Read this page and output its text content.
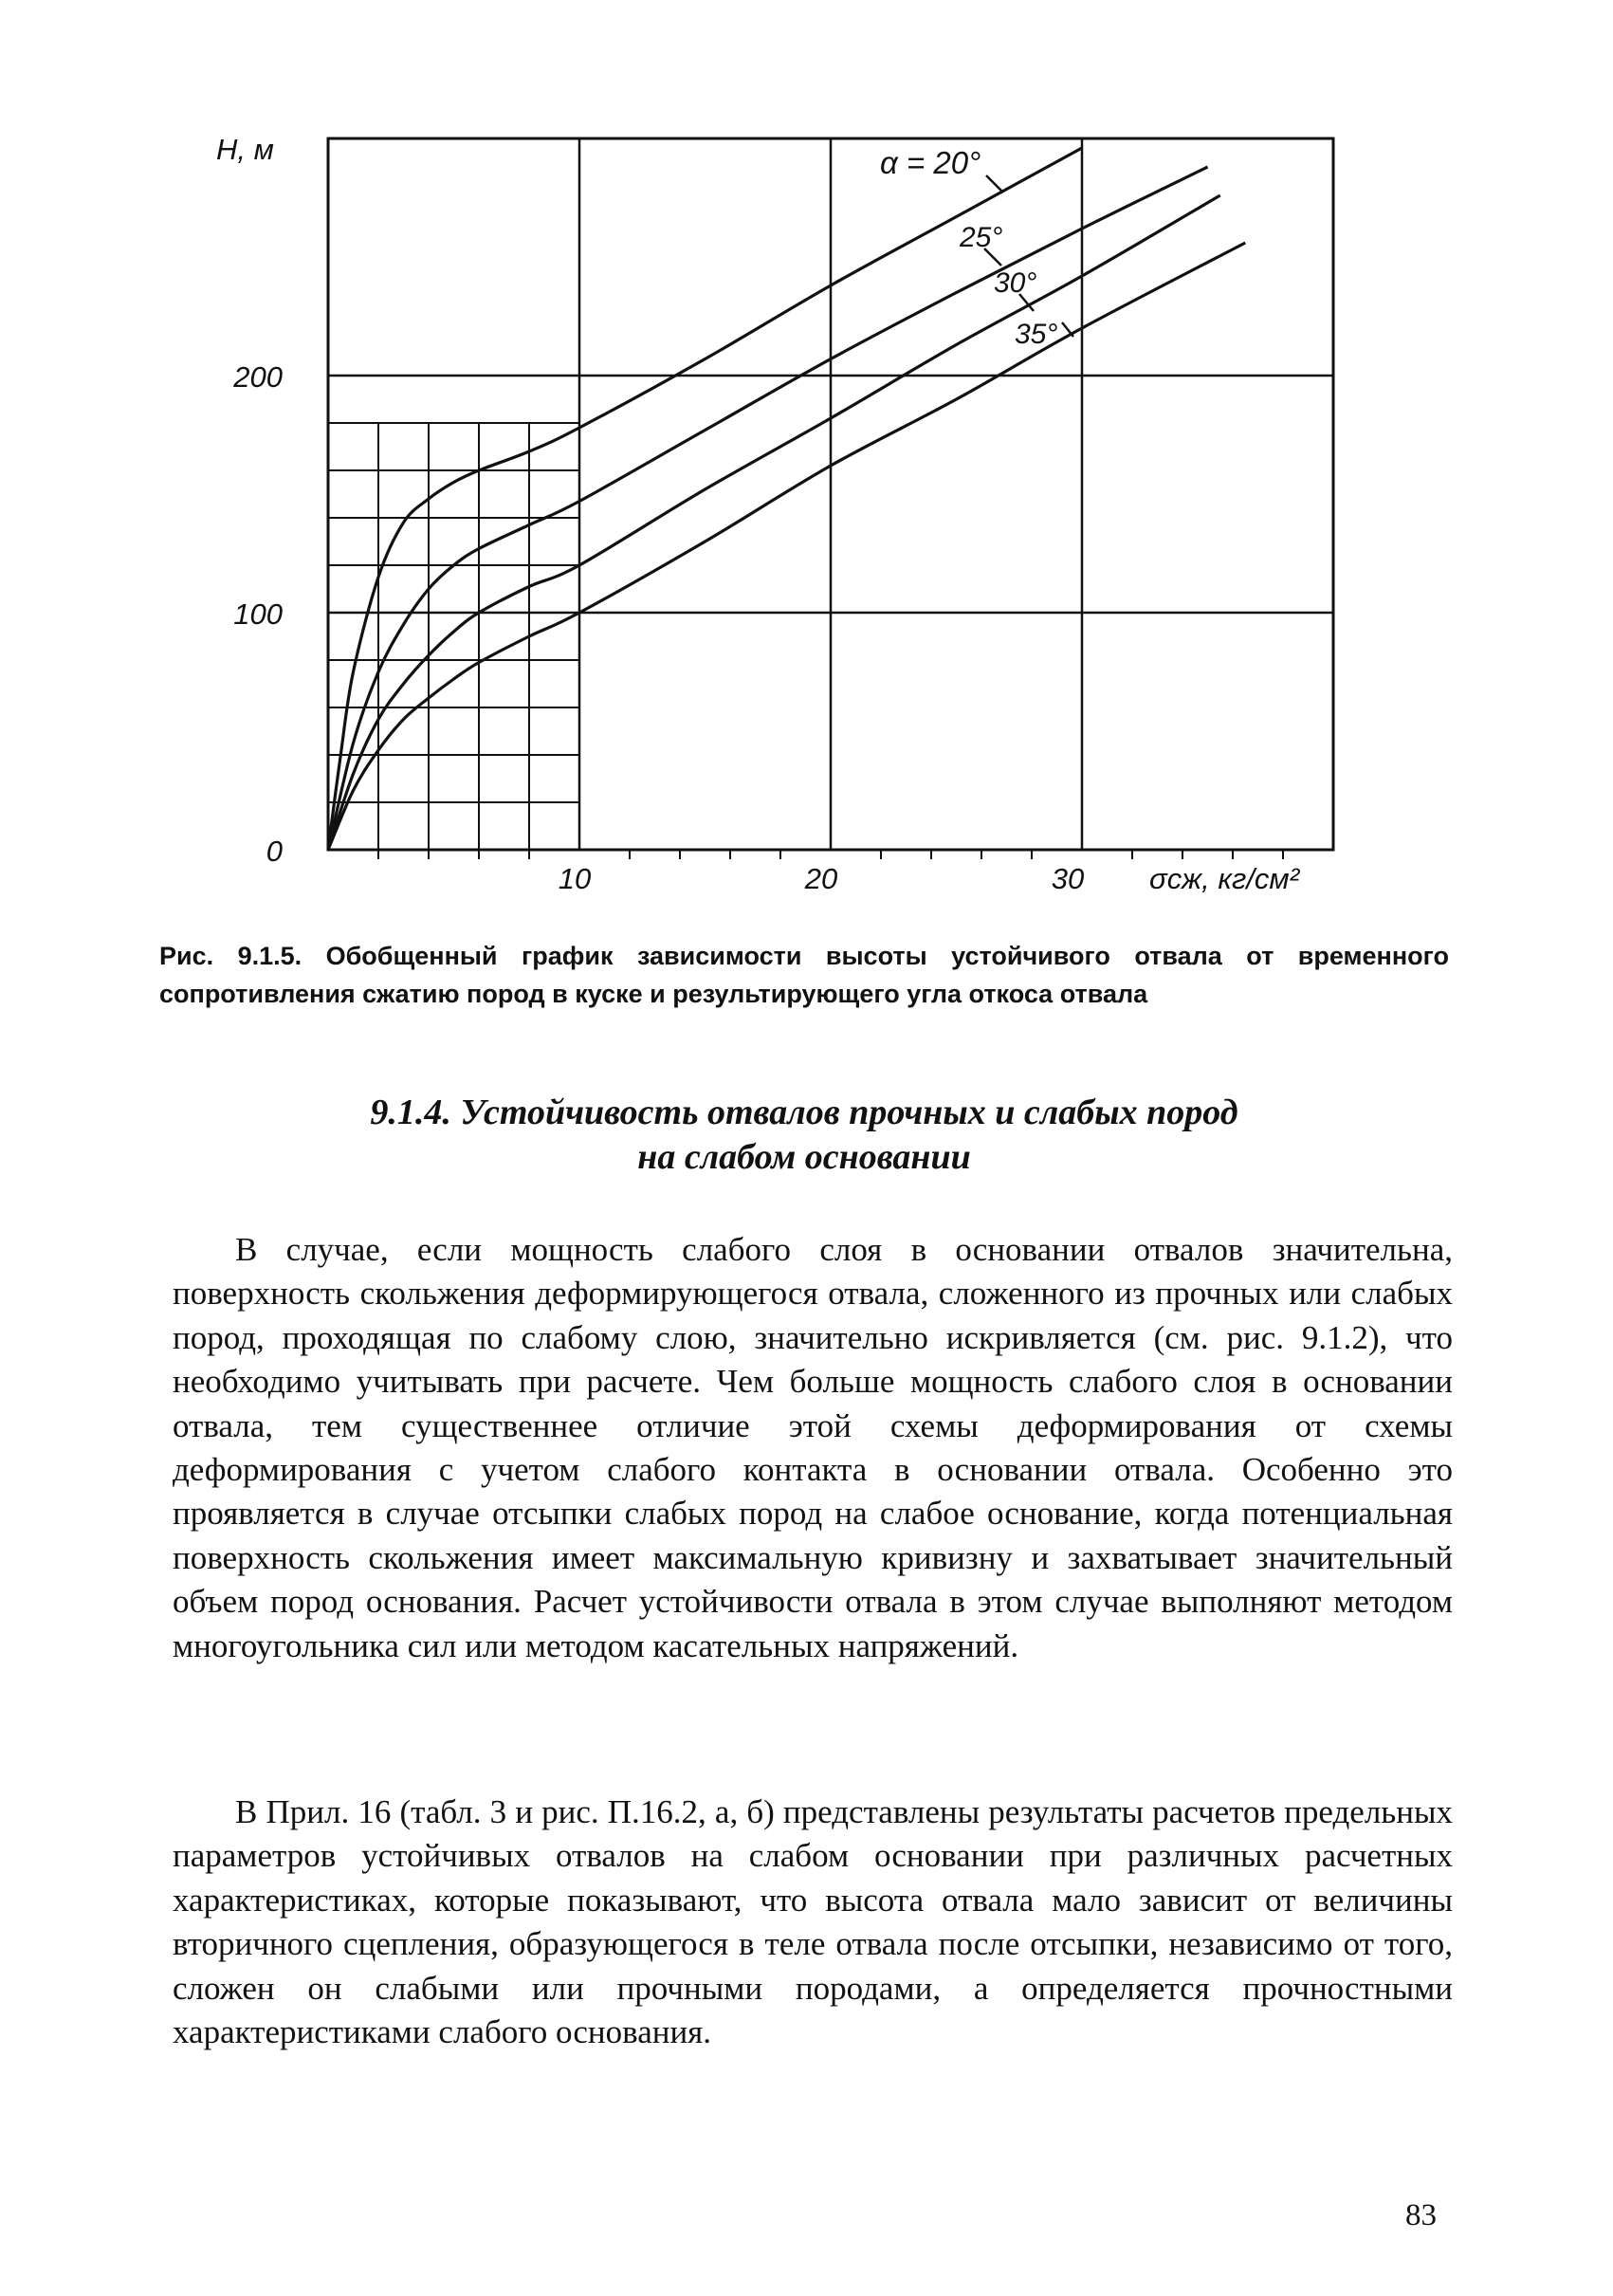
H, м
0
100
200
10	20	30 σсж, кг/см²
α = 20°
25°
30°
35°

Рис. 9.1.5. Обобщенный график зависимости высоты устойчивого отвала от временного сопротивления сжатию пород в куске и результирующего угла откоса отвала

9.1.4. Устойчивость отвалов прочных и слабых пород
на слабом основании

В случае, если мощность слабого слоя в основании отвалов значительна, поверхность скольжения деформирующегося отвала, сложенного из прочных или слабых пород, проходящая по слабому слою, значительно искривляется (см. рис. 9.1.2), что необходимо учитывать при расчете. Чем больше мощность слабого слоя в основании отвала, тем существеннее отличие этой схемы деформирования от схемы деформирования с учетом слабого контакта в основании отвала. Особенно это проявляется в случае отсыпки слабых пород на слабое основание, когда потенциальная поверхность скольжения имеет максимальную кривизну и захватывает значительный объем пород основания. Расчет устойчивости отвала в этом случае выполняют методом многоугольника сил или методом касательных напряжений.

В Прил. 16 (табл. 3 и рис. П.16.2, а, б) представлены результаты расчетов предельных параметров устойчивых отвалов на слабом основании при различных расчетных характеристиках, которые показывают, что высота отвала мало зависит от величины вторичного сцепления, образующегося в теле отвала после отсыпки, независимо от того, сложен он слабыми или прочными породами, а определяется прочностными характеристиками слабого основания.

83
